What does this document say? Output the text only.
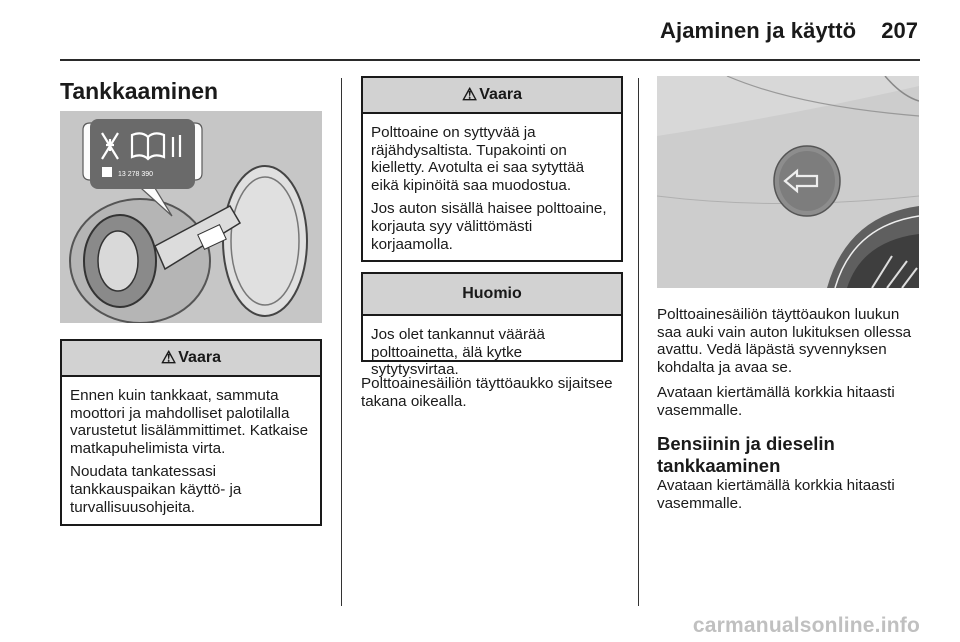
Ajaminen ja käyttö 207
Tankkaaminen
13 278 390
⚠ Vaara

Ennen kuin tankkaat, sammuta moottori ja mahdolliset palotilalla varustetut lisälämmittimet. Katkaise matkapuhelimista virta.

Noudata tankatessasi tankkauspaikan käyttö- ja turvallisuusohjeita.

⚠ Vaara

Polttoaine on syttyvää ja räjähdysaltista. Tupakointi on kielletty. Avotulta ei saa sytyttää eikä kipinöitä saa muodostua.

Jos auton sisällä haisee polttoaine, korjauta syy välittömästi korjaamolla.

Huomio

Jos olet tankannut väärää polttoainetta, älä kytke sytytysvirtaa.

Polttoainesäiliön täyttöaukko sijaitsee takana oikealla.

Polttoainesäiliön täyttöaukon luukun saa auki vain auton lukituksen ollessa avattu. Vedä läpästä syvennyksen kohdalta ja avaa se.

Avataan kiertämällä korkkia hitaasti vasemmalle.

Bensiinin ja dieselin tankkaaminen
Avataan kiertämällä korkkia hitaasti vasemmalle.
carmanualsonline.info
